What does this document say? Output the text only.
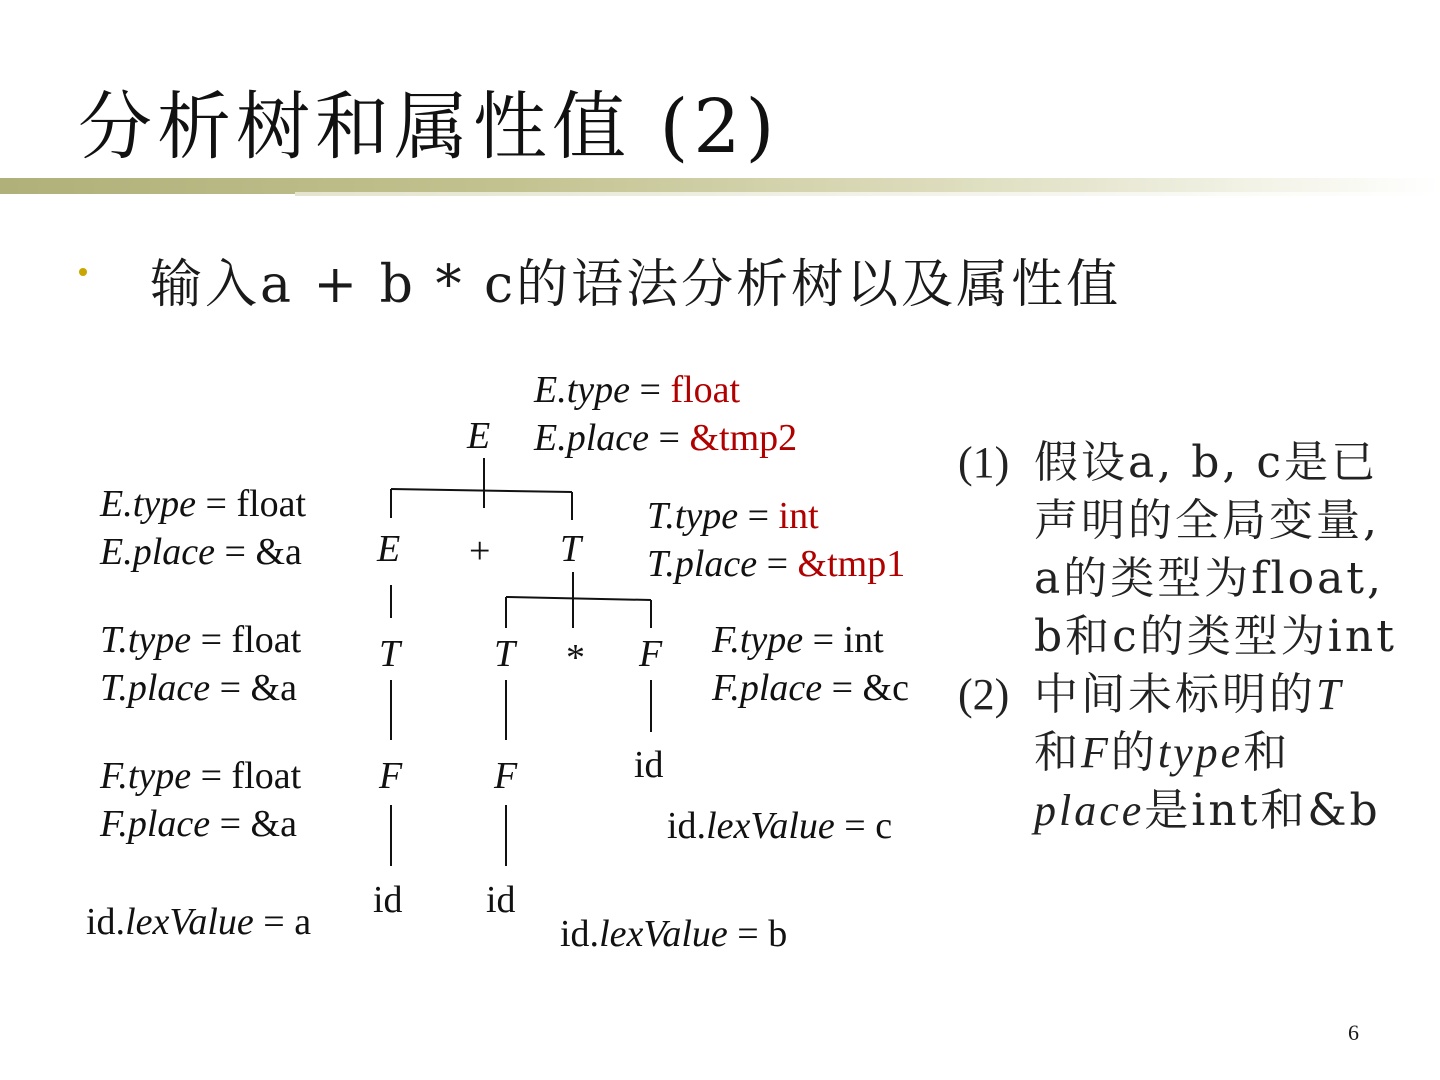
分析树和属性值 (2)
输入a + b * c的语法分析树以及属性值
E
E + T
T T * F
F F
id id
id
E.type = float
E.place = &tmp2
E.type = float
E.place = &a
T.type = int
T.place = &tmp1
T.type = float
T.place = &a
F.type = int
F.place = &c
F.type = float
F.place = &a
id.lexValue = a	id.lexValue = b
id.lexValue = c
(1) 假设a, b, c是已
声明的全局变量,
a的类型为float,
b和c的类型为int
(2) 中间未标明的T
和F的type和
place是int和&b
6
